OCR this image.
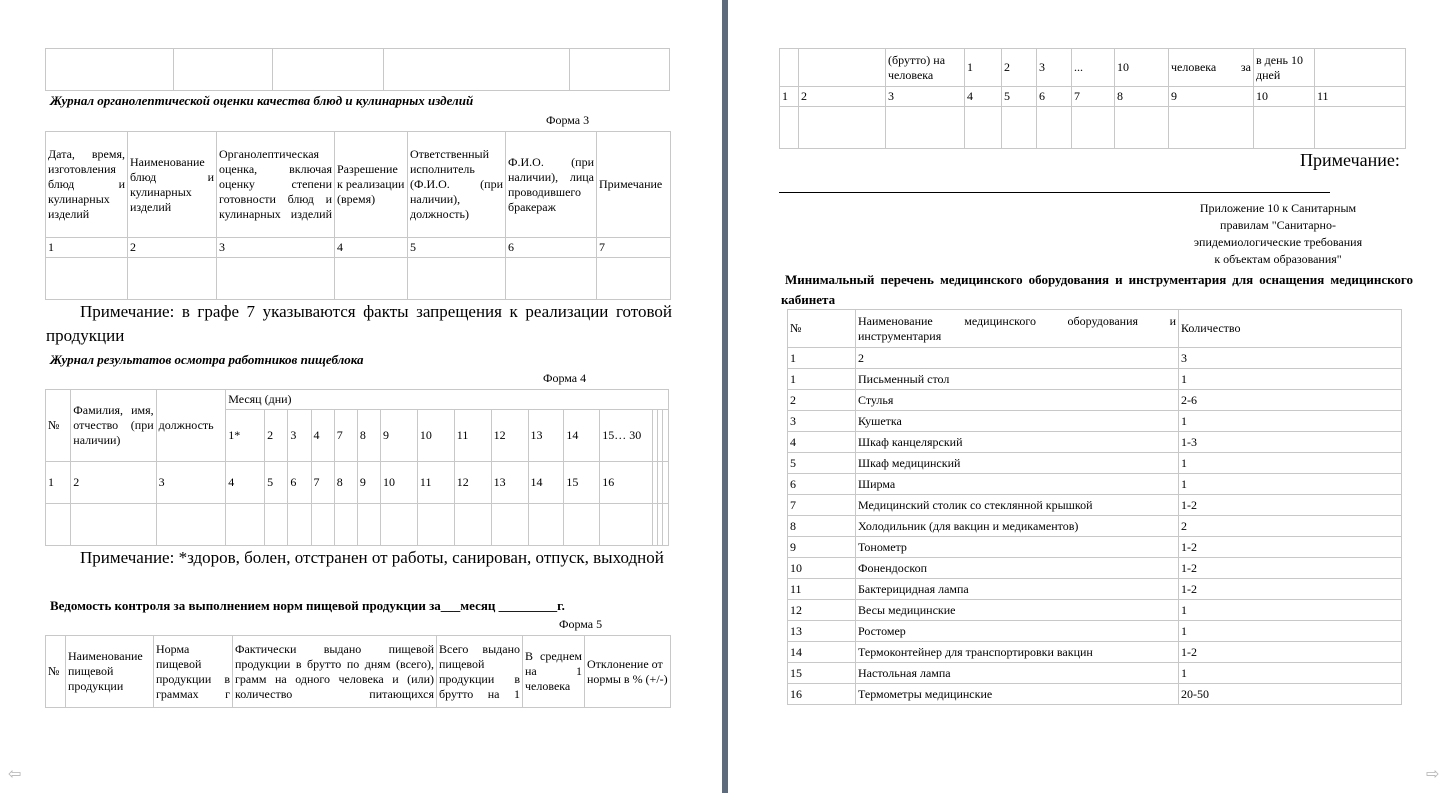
Журнал органолептической оценки качества блюд и кулинарных изделий
Форма 3
Дата, время, изготовления блюд и кулинарных изделий	Наименование блюд и кулинарных изделий	Органолептическая оценка, включая оценку степени готовности блюд и кулинарных изделий	Разрешение к реализации (время)	Ответственный исполнитель (Ф.И.О. (при наличии), должность)	Ф.И.О. (при наличии), лица проводившего бракераж	Примечание
1	2	3	4	5	6	7

Примечание: в графе 7 указываются факты запрещения к реализации готовой продукции
Журнал результатов осмотра работников пищеблока
Форма 4
№	Фамилия, имя, отчество (при наличии)	должность	Месяц (дни)															
			1*	2	3	4	7	8	9	10	11	12	13	14	15… 30			
1	2	3	4	5	6	7	8	9	10	11	12	13	14	15	16			

Примечание: *здоров, болен, отстранен от работы, санирован, отпуск, выходной
Ведомость контроля за выполнением норм пищевой продукции за___месяц _________г.
Форма 5
№	Наименование пищевой продукции	Норма пищевой продукции в граммах г	Фактически выдано пищевой продукции в брутто по дням (всего), грамм на одного человека и (или) количество питающихся	Всего выдано пищевой продукции в брутто на 1	В среднем на 1 человека	Отклонение от нормы в % (+/-)
⇦
		(брутто) на человека	1	2	3	...	10	человека за	в день 10 дней	
1	2	3	4	5	6	7	8	9	10	11

Примечание:
Приложение 10 к Санитарным
правилам "Санитарно-
эпидемиологические требования
к объектам образования"
Минимальный перечень медицинского оборудования и инструментария для оснащения медицинского кабинета
№	Наименование медицинского оборудования и инструментария	Количество
1	2	3
1	Письменный стол	1
2	Стулья	2-6
3	Кушетка	1
4	Шкаф канцелярский	1-3
5	Шкаф медицинский	1
6	Ширма	1
7	Медицинский столик со стеклянной крышкой	1-2
8	Холодильник (для вакцин и медикаментов)	2
9	Тонометр	1-2
10	Фонендоскоп	1-2
11	Бактерицидная лампа	1-2
12	Весы медицинские	1
13	Ростомер	1
14	Термоконтейнер для транспортировки вакцин	1-2
15	Настольная лампа	1
16	Термометры медицинские	20-50
⇨
